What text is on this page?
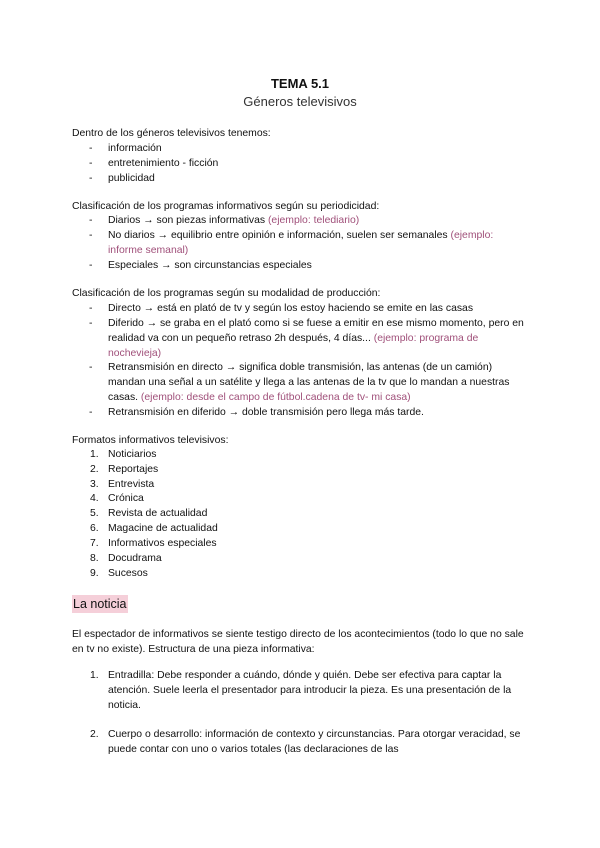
TEMA 5.1
Géneros televisivos
Dentro de los géneros televisivos tenemos:
-	información
-	entretenimiento - ficción
-	publicidad
Clasificación de los programas informativos según su periodicidad:
-	Diarios → son piezas informativas (ejemplo: telediario)
-	No diarios → equilibrio entre opinión e información, suelen ser semanales (ejemplo: informe semanal)
-	Especiales → son circunstancias especiales
Clasificación de los programas según su modalidad de producción:
-	Directo → está en plató de tv y según los estoy haciendo se emite en las casas
-	Diferido → se graba en el plató como si se fuese a emitir en ese mismo momento, pero en realidad va con un pequeño retraso 2h después, 4 días... (ejemplo: programa de nochevieja)
-	Retransmisión en directo → significa doble transmisión, las antenas (de un camión) mandan una señal a un satélite y llega a las antenas de la tv que lo mandan a nuestras casas. (ejemplo: desde el campo de fútbol.cadena de tv- mi casa)
-	Retransmisión en diferido → doble transmisión pero llega más tarde.
Formatos informativos televisivos:
1. Noticiarios
2. Reportajes
3. Entrevista
4. Crónica
5. Revista de actualidad
6. Magacine de actualidad
7. Informativos especiales
8. Docudrama
9. Sucesos
La noticia
El espectador de informativos se siente testigo directo de los acontecimientos (todo lo que no sale en tv no existe). Estructura de una pieza informativa:
1. Entradilla: Debe responder a cuándo, dónde y quién. Debe ser efectiva para captar la atención. Suele leerla el presentador para introducir la pieza. Es una presentación de la noticia.
2. Cuerpo o desarrollo: información de contexto y circunstancias. Para otorgar veracidad, se puede contar con uno o varios totales (las declaraciones de las
